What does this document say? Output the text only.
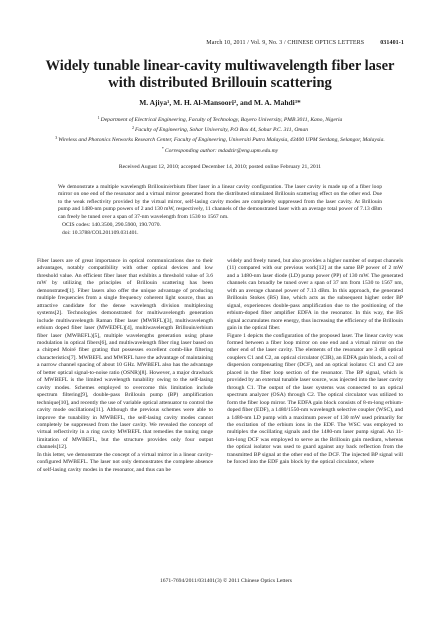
March 10, 2011 / Vol. 9, No. 3 / CHINESE OPTICS LETTERS	031401-1
Widely tunable linear-cavity multiwavelength fiber laser with distributed Brillouin scattering
M. Ajiya¹, M. H. Al-Mansoori², and M. A. Mahdi³*
$^1$Department of Electrical Engineering, Faculty of Technology, Bayero University, PMB 3011, Kano, Nigeria
$^2$Faculty of Engineering, Sohar University, P.O Box 44, Sohar P.C. 311, Oman
$^3$Wireless and Photonics Networks Research Center, Faculty of Engineering, Universiti Putra Malaysia, 43400 UPM Serdang, Selangor, Malaysia.
*Corresponding author: mdadzir@eng.upm.edu.my
Received August 12, 2010; accepted December 14, 2010; posted online February 21, 2011
We demonstrate a multiple wavelength Brillouin/erbium fiber laser in a linear cavity configuration. The laser cavity is made up of a fiber loop mirror on one end of the resonator and a virtual mirror generated from the distributed stimulated Brillouin scattering effect on the other end. Due to the weak reflectivity provided by the virtual mirror, self-lasing cavity modes are completely suppressed from the laser cavity. At Brillouin pump and 1480-nm pump powers of 2 and 130 mW, respectively, 11 channels of the demonstrated laser with an average total power of 7.13 dBm can freely be tuned over a span of 37-nm wavelength from 1530 to 1567 nm.
OCIS codes: 140.3500, 290.5900, 190.7070.
doi: 10.3788/COL201109.031401.
Fiber lasers are of great importance in optical communications due to their advantages, notably compatibility with other optical devices and low threshold value. An efficient fiber laser that exhibits a threshold value of 3.6 mW by utilizing the principles of Brillouin scattering has been demonstrated[1]. Fiber lasers also offer the unique advantage of producing multiple frequencies from a single frequency coherent light source, thus an attractive candidate for the dense wavelength division multiplexing systems[2]. Technologies demonstrated for multiwavelength generation include multiwavelength Raman fiber laser (MWRFL)[3], multiwavelength erbium doped fiber laser (MWEDFL)[4], multiwavelength Brillouin/erbium fiber laser (MWBEFL)[5], multiple wavelengths generation using phase modulation in optical fibers[6], and multiwavelength fiber ring laser based on a chirped Moiré fiber grating that possesses excellent comb-like filtering characteristics[7]. MWBEFL and MWRFL have the advantage of maintaining a narrow channel spacing of about 10 GHz. MWBEFL also has the advantage of better optical signal-to-noise ratio (OSNR)[8]. However, a major drawback of MWBEFL is the limited wavelength tunability owing to the self-lasing cavity modes. Schemes employed to overcome this limitation include spectrum filtering[9], double-pass Brillouin pump (BP) amplification technique[10], and recently the use of variable optical attenuator to control the cavity mode oscillations[11]. Although the previous schemes were able to improve the tunability in MWBEFL, the self-lasing cavity modes cannot completely be suppressed from the laser cavity. We revealed the concept of virtual reflectivity in a ring cavity MWBEFL that remedies the tuning range limitation of MWBEFL, but the structure provides only four output channels[12].
In this letter, we demonstrate the concept of a virtual mirror in a linear cavity-configured MWBEFL. The laser not only demonstrates the complete absence of self-lasing cavity modes in the resonator, and thus can be
widely and freely tuned, but also provides a higher number of output channels (11) compared with our previous work[12] at the same BP power of 2 mW and a 1480-nm laser diode (LD) pump power (PP) of 130 mW. The generated channels can broadly be tuned over a span of 37 nm from 1530 to 1567 nm, with an average channel power of 7.13 dBm. In this approach, the generated Brillouin Stokes (BS) line, which acts as the subsequent higher order BP signal, experiences double-pass amplification due to the positioning of the erbium-doped fiber amplifier EDFA in the resonator. In this way, the BS signal accumulates more energy, thus increasing the efficiency of the Brillouin gain in the optical fiber.
Figure 1 depicts the configuration of the proposed laser. The linear cavity was formed between a fiber loop mirror on one end and a virtual mirror on the other end of the laser cavity. The elements of the resonator are 3 dB optical couplers C1 and C2, an optical circulator (CIR), an EDFA gain block, a coil of dispersion compensating fiber (DCF), and an optical isolator. C1 and C2 are placed in the fiber loop section of the resonator. The BP signal, which is provided by an external tunable laser source, was injected into the laser cavity through C1. The output of the laser systems was connected to an optical spectrum analyzer (OSA) through C2. The optical circulator was utilized to form the fiber loop mirror. The EDFA gain block consists of 8-m-long erbium-doped fiber (EDF), a 1480/1550-nm wavelength selective coupler (WSC), and a 1480-nm LD pump with a maximum power of 130 mW used primarily for the excitation of the erbium ions in the EDF. The WSC was employed to multiplex the oscillating signals and the 1480-nm laser pump signal. An 11-km-long DCF was employed to serve as the Brillouin gain medium, whereas the optical isolator was used to guard against any back reflection from the transmitted BP signal at the other end of the DCF. The injected BP signal will be forced into the EDF gain block by the optical circulator, where
1671-7694/2011/031401(3) © 2011 Chinese Optics Letters
